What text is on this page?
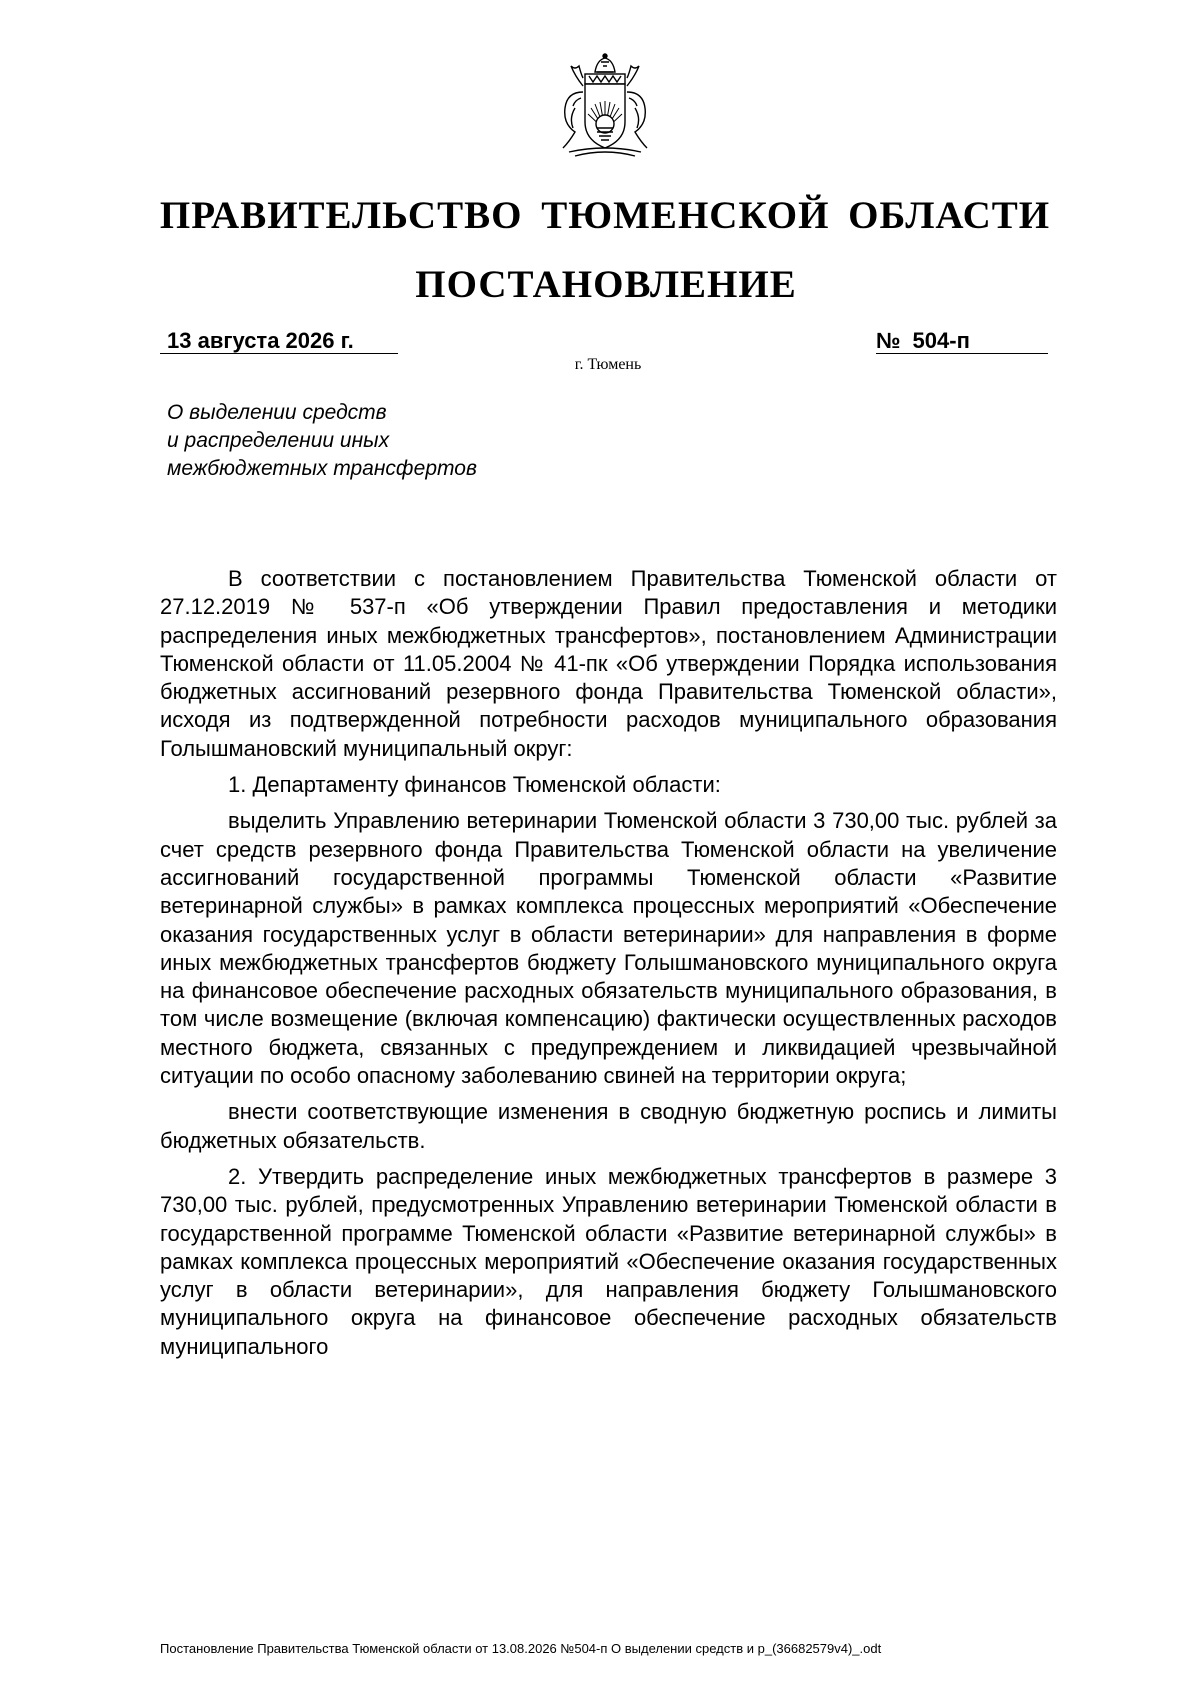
ПРАВИТЕЛЬСТВО ТЮМЕНСКОЙ ОБЛАСТИ
ПОСТАНОВЛЕНИЕ
13 августа 2026 г.	№ 504-п
г. Тюмень
О выделении средств
и распределении иных
межбюджетных трансфертов

В соответствии с постановлением Правительства Тюменской области от 27.12.2019 № 537-п «Об утверждении Правил предоставления и методики распределения иных межбюджетных трансфертов», постановлением Администрации Тюменской области от 11.05.2004 № 41-пк «Об утверждении Порядка использования бюджетных ассигнований резервного фонда Правительства Тюменской области», исходя из подтвержденной потребности расходов муниципального образования Голышмановский муниципальный округ:

1. Департаменту финансов Тюменской области:

выделить Управлению ветеринарии Тюменской области 3 730,00 тыс. рублей за счет средств резервного фонда Правительства Тюменской области на увеличение ассигнований государственной программы Тюменской области «Развитие ветеринарной службы» в рамках комплекса процессных мероприятий «Обеспечение оказания государственных услуг в области ветеринарии» для направления в форме иных межбюджетных трансфертов бюджету Голышмановского муниципального округа на финансовое обеспечение расходных обязательств муниципального образования, в том числе возмещение (включая компенсацию) фактически осуществленных расходов местного бюджета, связанных с предупреждением и ликвидацией чрезвычайной ситуации по особо опасному заболеванию свиней на территории округа;

внести соответствующие изменения в сводную бюджетную роспись и лимиты бюджетных обязательств.

2. Утвердить распределение иных межбюджетных трансфертов в размере 3 730,00 тыс. рублей, предусмотренных Управлению ветеринарии Тюменской области в государственной программе Тюменской области «Развитие ветеринарной службы» в рамках комплекса процессных мероприятий «Обеспечение оказания государственных услуг в области ветеринарии», для направления бюджету Голышмановского муниципального округа на финансовое обеспечение расходных обязательств муниципального

Постановление Правительства Тюменской области от 13.08.2026 №504-п О выделении средств и р_(36682579v4)_.odt
